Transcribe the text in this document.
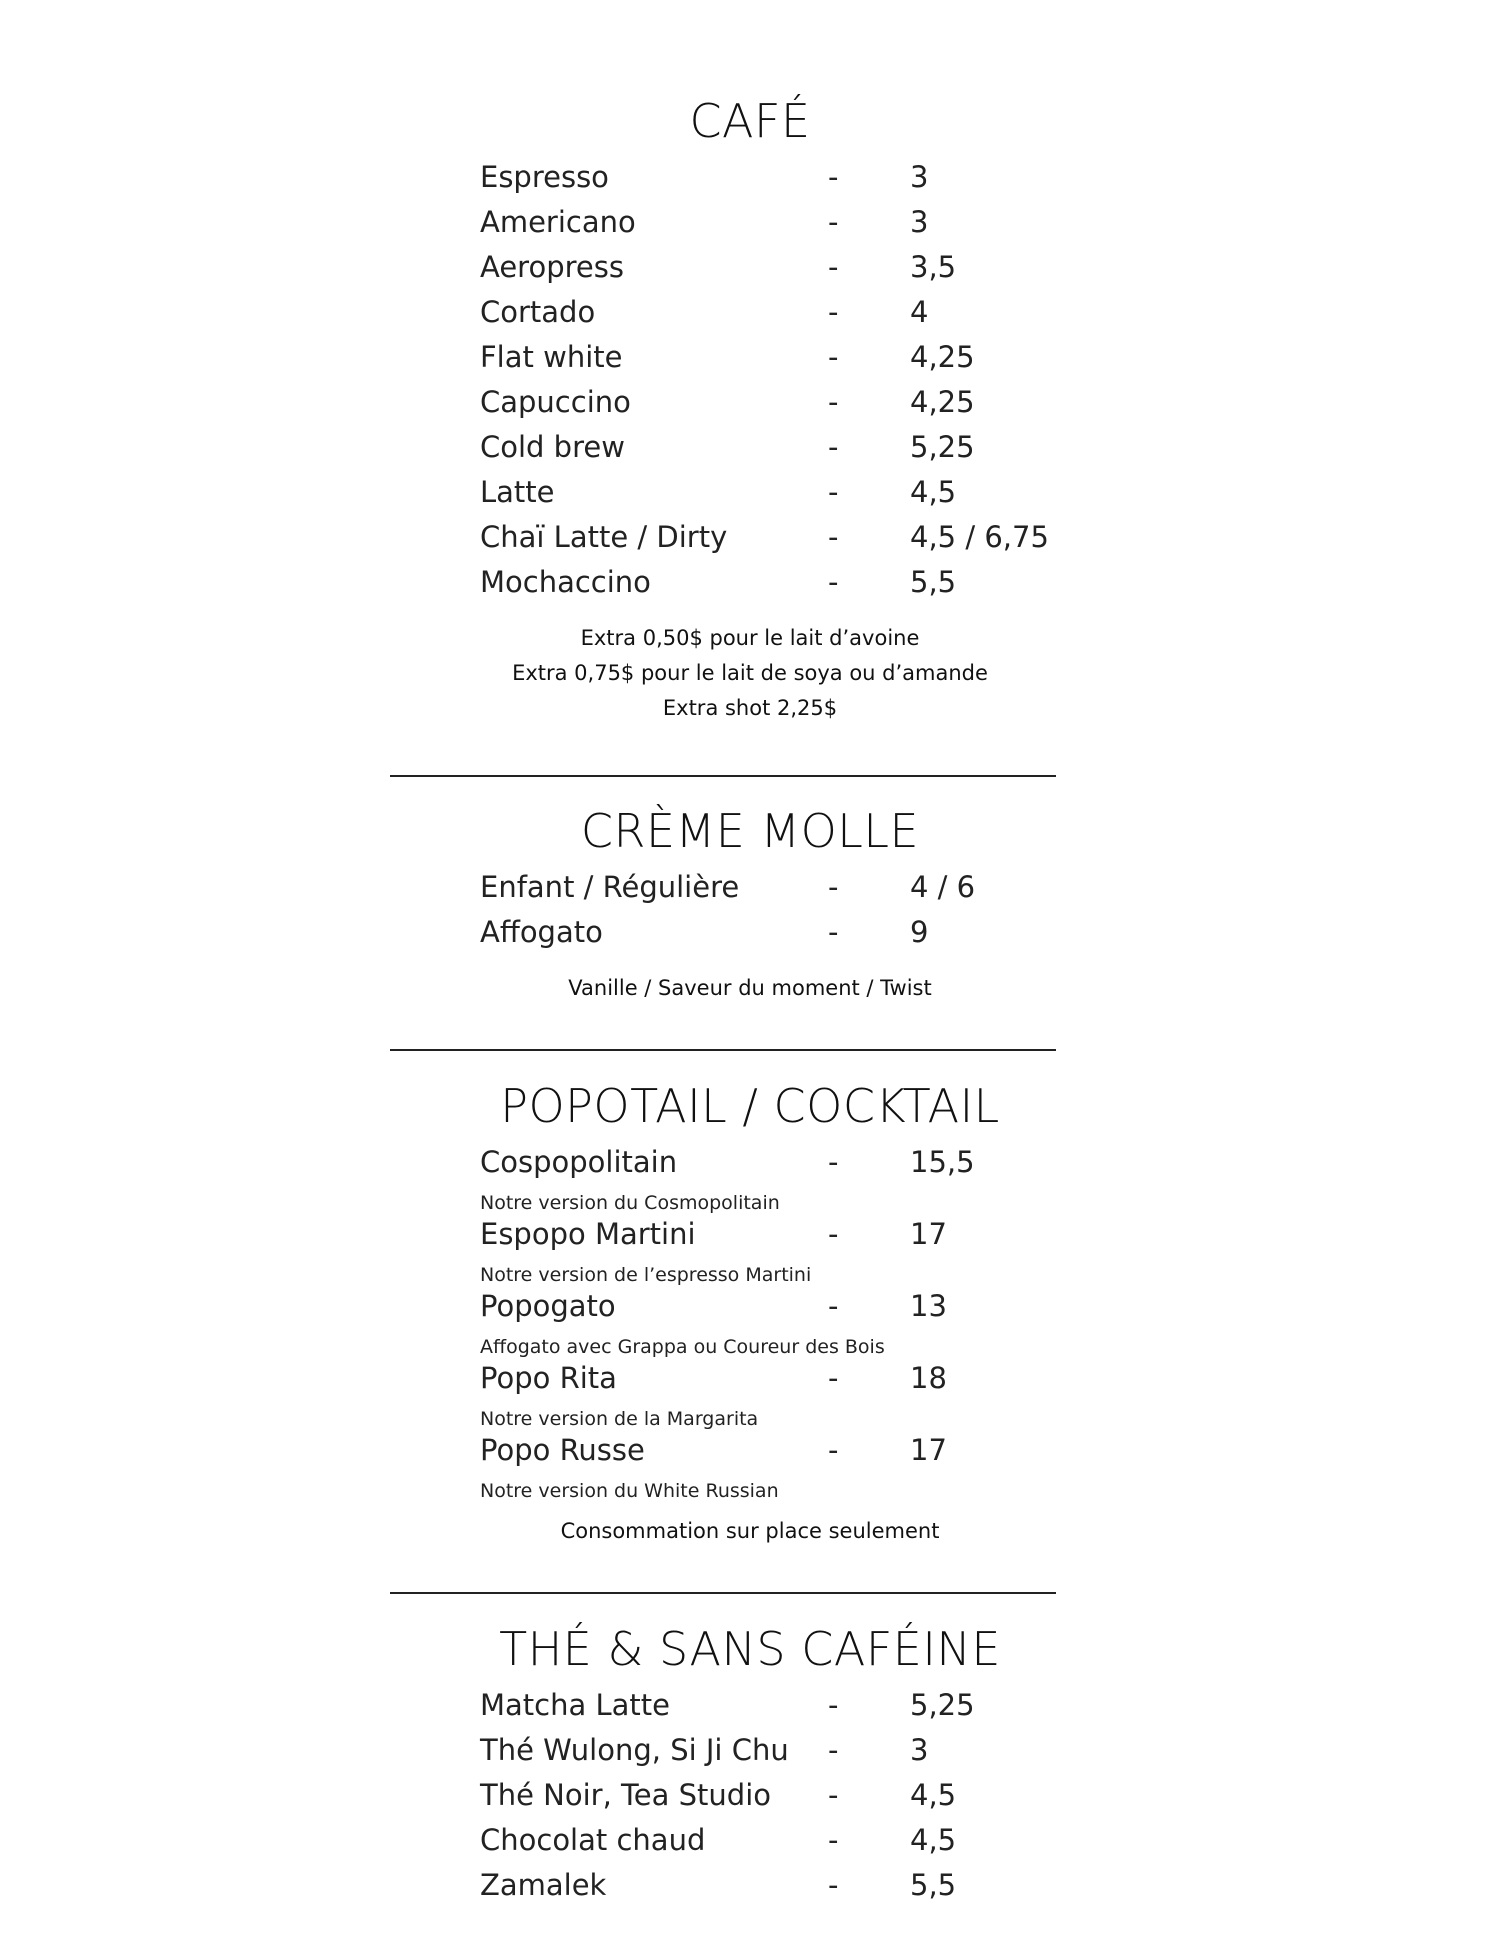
CAFÉ
Espresso	- 3
Americano	- 3
Aeropress	- 3,5
Cortado	- 4
Flat white	- 4,25
Capuccino	- 4,25
Cold brew	- 5,25
Latte	- 4,5
Chaï Latte / Dirty	- 4,5 / 6,75
Mochaccino	- 5,5
Extra 0,50$ pour le lait d’avoine
Extra 0,75$ pour le lait de soya ou d’amande
Extra shot 2,25$
CRÈME MOLLE
Enfant / Régulière	- 4 / 6
Affogato	- 9
Vanille / Saveur du moment / Twist
POPOTAIL / COCKTAIL
Cospopolitain	- 15,5
Notre version du Cosmopolitain
Espopo Martini	- 17
Notre version de l’espresso Martini
Popogato	- 13
Affogato avec Grappa ou Coureur des Bois
Popo Rita	- 18
Notre version de la Margarita
Popo Russe	- 17
Notre version du White Russian
Consommation sur place seulement
THÉ & SANS CAFÉINE
Matcha Latte	- 5,25
Thé Wulong, Si Ji Chu - 3
Thé Noir, Tea Studio - 4,5
Chocolat chaud	- 4,5
Zamalek	- 5,5
